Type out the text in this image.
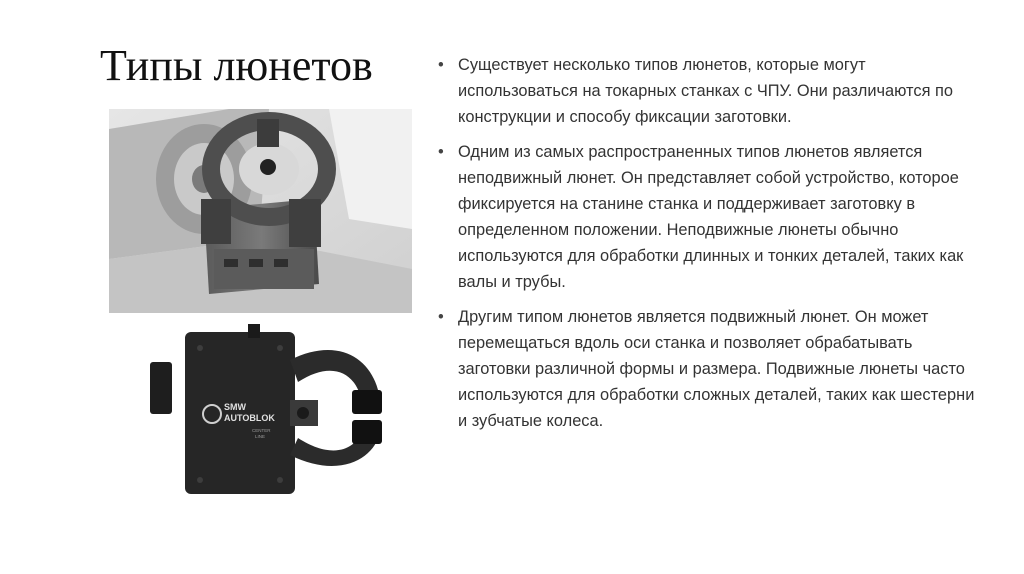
Типы люнетов
SMW
AUTOBLOK
CENTER
LINE
• Существует несколько типов люнетов, которые могут использоваться на токарных станках с ЧПУ. Они различаются по конструкции и способу фиксации заготовки.
• Одним из самых распространенных типов люнетов является неподвижный люнет. Он представляет собой устройство, которое фиксируется на станине станка и поддерживает заготовку в определенном положении. Неподвижные люнеты обычно используются для обработки длинных и тонких деталей, таких как валы и трубы.
• Другим типом люнетов является подвижный люнет. Он может перемещаться вдоль оси станка и позволяет обрабатывать заготовки различной формы и размера. Подвижные люнеты часто используются для обработки сложных деталей, таких как шестерни и зубчатые колеса.
